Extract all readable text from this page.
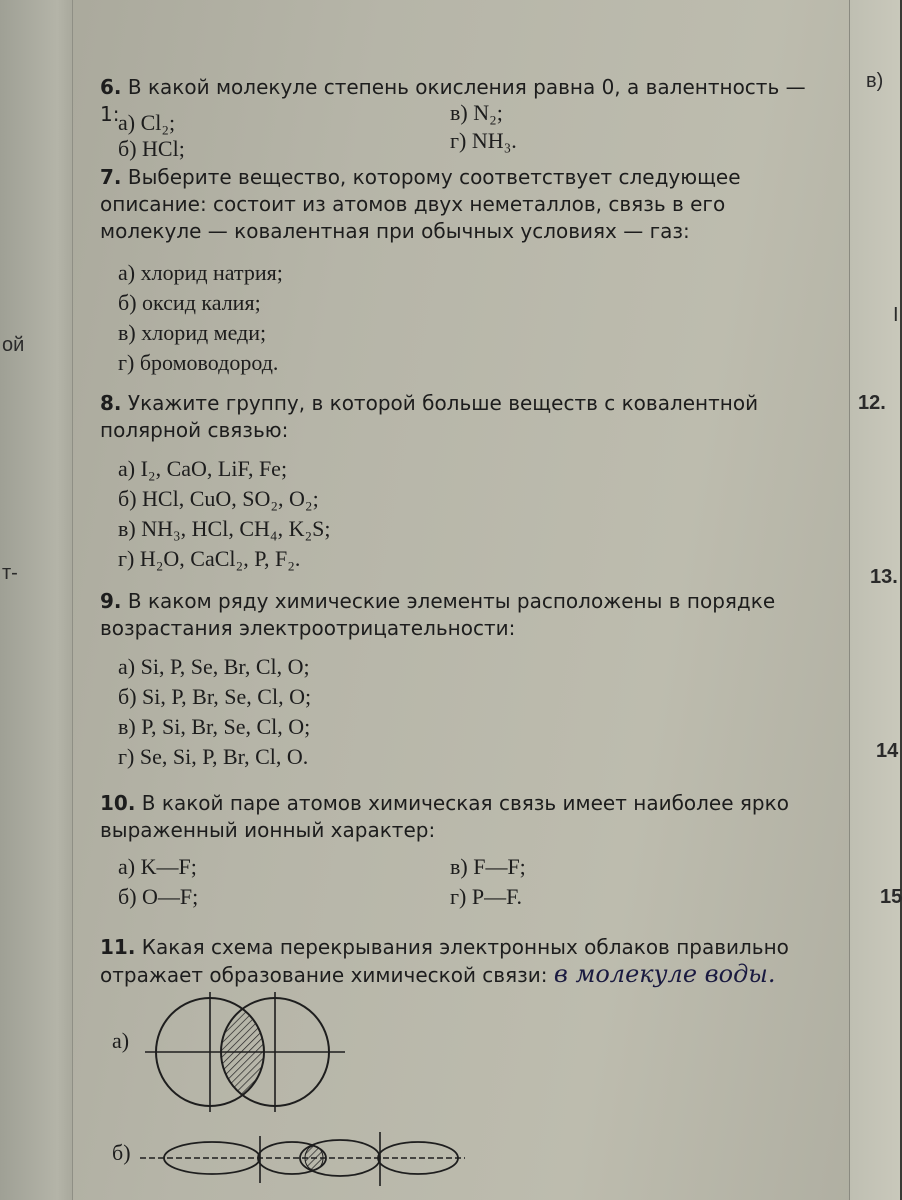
ой
т-
в)
I
12.
13.
14
15
6. В какой молекуле степень окисления равна 0, а валентность —1:
а) Cl₂;
б) HCl;
в) N₂;
г) NH₃.
7. Выберите вещество, которому соответствует следующее описание: состоит из атомов двух неметаллов, связь в его молекуле — ковалентная при обычных условиях — газ:
а) хлорид натрия;
б) оксид калия;
в) хлорид меди;
г) бромоводород.
8. Укажите группу, в которой больше веществ с ковалентной полярной связью:
а) I₂, CaO, LiF, Fe;
б) HCl, CuO, SO₂, O₂;
в) NH₃, HCl, CH₄, K₂S;
г) H₂O, CaCl₂, P, F₂.
9. В каком ряду химические элементы расположены в порядке возрастания электроотрицательности:
а) Si, P, Se, Br, Cl, O;
б) Si, P, Br, Se, Cl, O;
в) P, Si, Br, Se, Cl, O;
г) Se, Si, P, Br, Cl, O.
10. В какой паре атомов химическая связь имеет наиболее ярко выраженный ионный характер:
а) K—F;
б) O—F;
в) F—F;
г) P—F.
11. Какая схема перекрывания электронных облаков правильно отражает образование химической связи: в молекуле воды.
а)
б)
